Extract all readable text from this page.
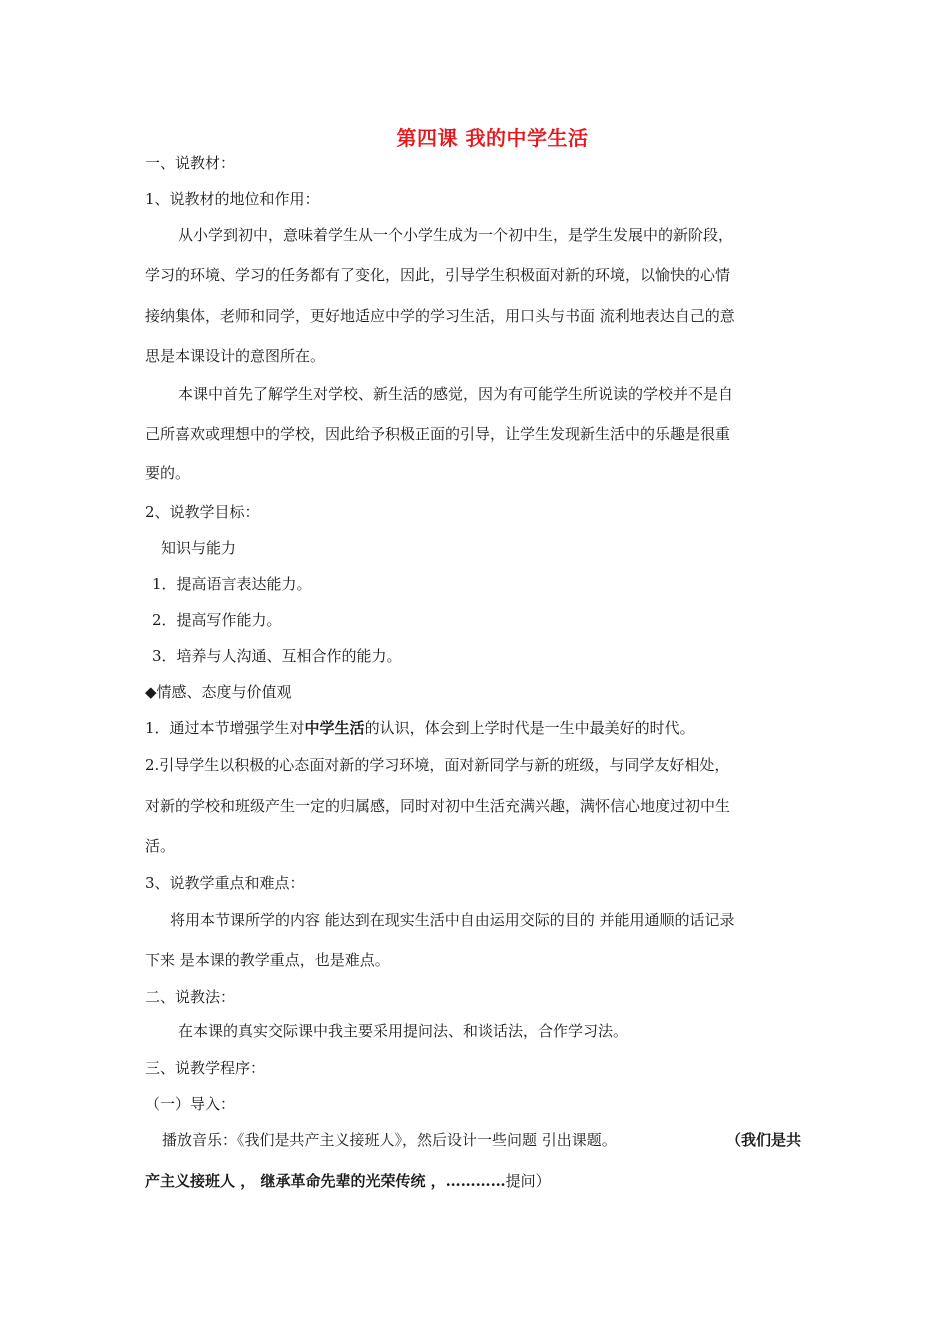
第四课 我的中学生活
一、说教材：
1、说教材的地位和作用：
从小学到初中，意味着学生从一个小学生成为一个初中生，是学生发展中的新阶段，
学习的环境、学习的任务都有了变化，因此，引导学生积极面对新的环境，以愉快的心情
接纳集体，老师和同学，更好地适应中学的学习生活，用口头与书面 流利地表达自己的意
思是本课设计的意图所在。
本课中首先了解学生对学校、新生活的感觉，因为有可能学生所说读的学校并不是自
己所喜欢或理想中的学校，因此给予积极正面的引导，让学生发现新生活中的乐趣是很重
要的。
2、说教学目标：
知识与能力
1．提高语言表达能力。
2．提高写作能力。
3．培养与人沟通、互相合作的能力。
◆情感、态度与价值观
1．通过本节增强学生对中学生活的认识，体会到上学时代是一生中最美好的时代。
2.引导学生以积极的心态面对新的学习环境，面对新同学与新的班级，与同学友好相处，
对新的学校和班级产生一定的归属感，同时对初中生活充满兴趣，满怀信心地度过初中生
活。
3、说教学重点和难点：
将用本节课所学的内容 能达到在现实生活中自由运用交际的目的 并能用通顺的话记录
下来 是本课的教学重点，也是难点。
二、说教法：
在本课的真实交际课中我主要采用提问法、和谈话法，合作学习法。
三、说教学程序：
（一）导入：
播放音乐：《我们是共产主义接班人》，然后设计一些问题 引出课题。	（我们是共
产主义接班人 ， 继承革命先辈的光荣传统 ，…………提问）
